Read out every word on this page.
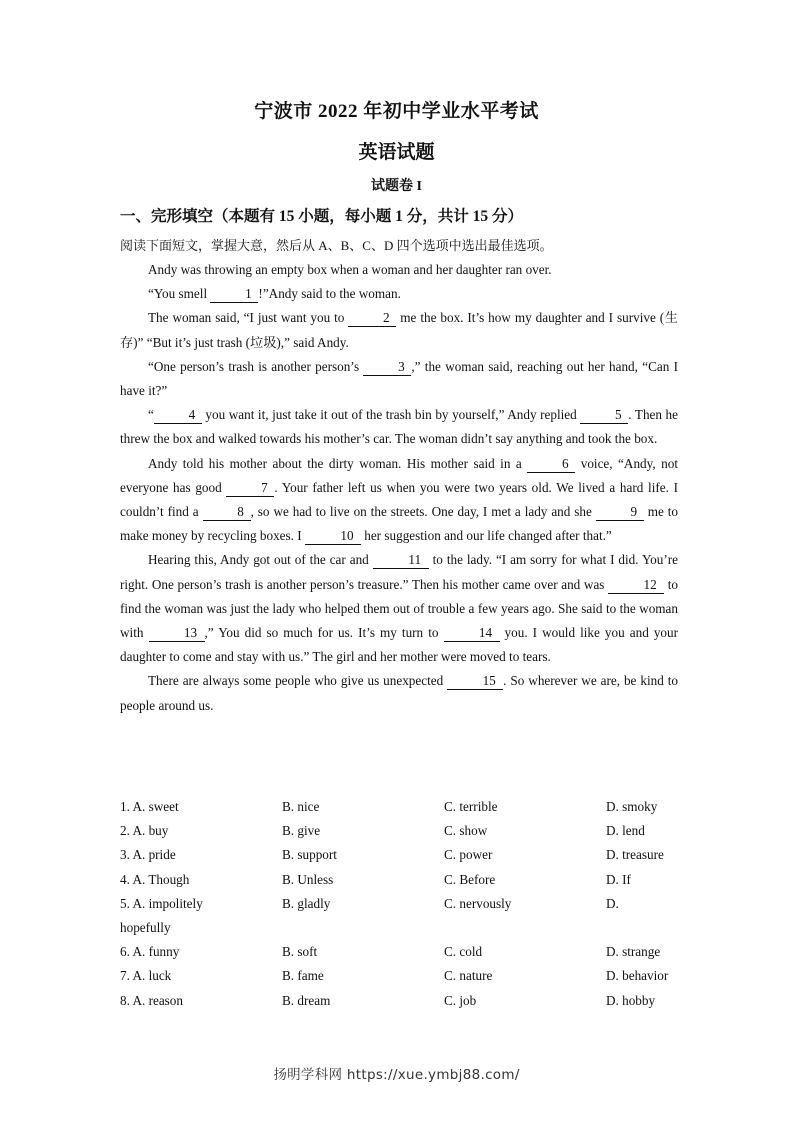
宁波市 2022 年初中学业水平考试
英语试题
试题卷 I
一、完形填空（本题有 15 小题，每小题 1 分，共计 15 分）
阅读下面短文，掌握大意，然后从 A、B、C、D 四个选项中选出最佳选项。

Andy was throwing an empty box when a woman and her daughter ran over.

“You smell	1 !”Andy said to the woman.

The woman said, “I just want you to	2 me the box. It’s how my daughter and I survive (生存)” “But it’s just trash (垃圾),” said Andy.

“One person’s trash is another person’s	3 ,” the woman said, reaching out her hand, “Can I have it?”

“	4 you want it, just take it out of the trash bin by yourself,” Andy replied	5 . Then he threw the box and walked towards his mother’s car. The woman didn’t say anything and took the box.

Andy told his mother about the dirty woman. His mother said in a	6 voice, “Andy, not everyone has good	7 . Your father left us when you were two years old. We lived a hard life. I couldn’t find a	8 , so we had to live on the streets. One day, I met a lady and she	9 me to make money by recycling boxes. I	10 her suggestion and our life changed after that.”

Hearing this, Andy got out of the car and	11 to the lady. “I am sorry for what I did. You’re right. One person’s trash is another person’s treasure.” Then his mother came over and was	12 to find the woman was just the lady who helped them out of trouble a few years ago. She said to the woman with	13 ,” You did so much for us. It’s my turn to	14 you. I would like you and your daughter to come and stay with us.” The girl and her mother were moved to tears.

There are always some people who give us unexpected	15 . So wherever we are, be kind to people around us.

1. A. sweet	B. nice	C. terrible	D. smoky
2. A. buy	B. give	C. show	D. lend
3. A. pride	B. support	C. power	D. treasure
4. A. Though	B. Unless	C. Before	D. If
5. A. impolitely	B. gladly	C. nervously	D.
hopefully
6. A. funny	B. soft	C. cold	D. strange
7. A. luck	B. fame	C. nature	D. behavior
8. A. reason	B. dream	C. job	D. hobby
扬明学科网 https://xue.ymbj88.com/
